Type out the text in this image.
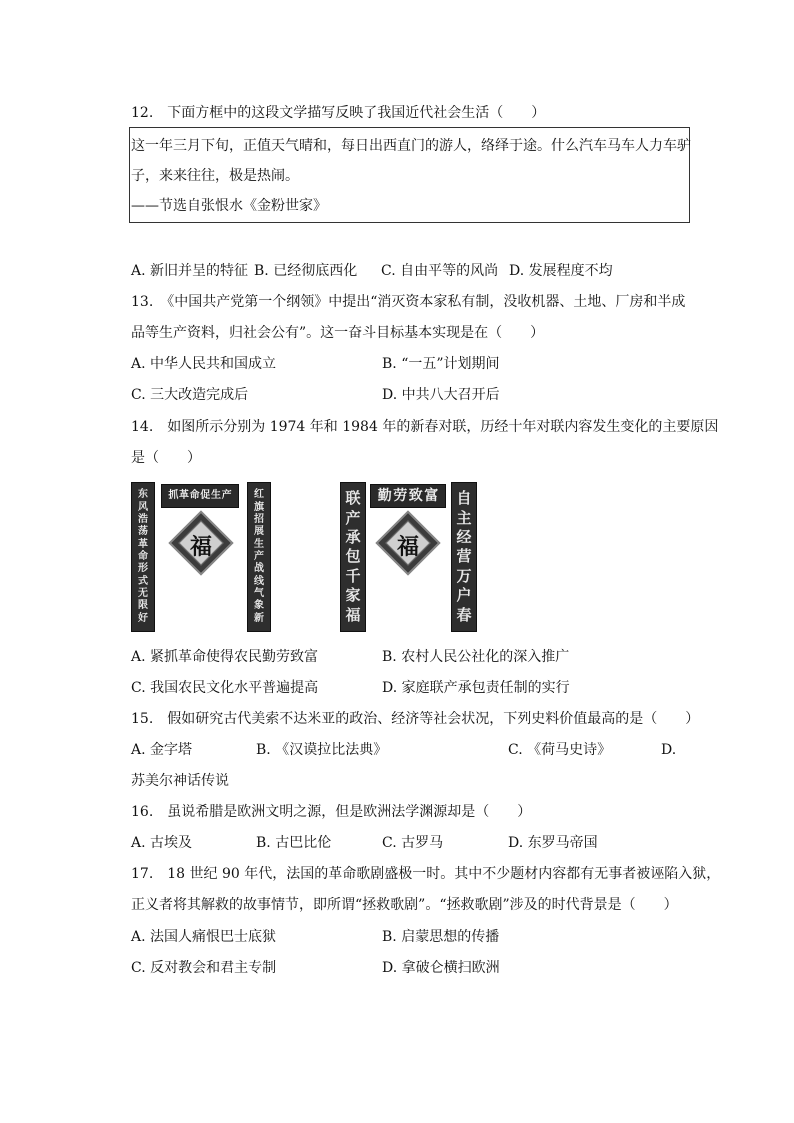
12.　下面方框中的这段文学描写反映了我国近代社会生活（　　）
这一年三月下旬，正值天气晴和，每日出西直门的游人，络绎于途。什么汽车马车人力车驴
子，来来往往，极是热闹。
——节选自张恨水《金粉世家》
A. 新旧并呈的特征 B. 已经彻底西化 C. 自由平等的风尚 D. 发展程度不均
13.　《中国共产党第一个纲领》中提出“消灭资本家私有制，没收机器、土地、厂房和半成
品等生产资料，归社会公有”。这一奋斗目标基本实现是在（　　）
A. 中华人民共和国成立	B. “一五”计划期间
C. 三大改造完成后	D. 中共八大召开后
14.　如图所示分别为 1974 年和 1984 年的新春对联，历经十年对联内容发生变化的主要原因
是（　　）
东
风
浩
荡
革
命
形
式
无
限
好
抓 革 命 促 生 产
福
红
旗
招
展
生
产
战
线
气
象
新
联
产
承
包
千
家
福
勤 劳 致 富
福
自
主
经
营
万
户
春
A. 紧抓革命使得农民勤劳致富	B. 农村人民公社化的深入推广
C. 我国农民文化水平普遍提高	D. 家庭联产承包责任制的实行
15.　假如研究古代美索不达米亚的政治、经济等社会状况，下列史料价值最高的是（　　）
A. 金字塔	B. 《汉谟拉比法典》	C. 《荷马史诗》	D.
苏美尔神话传说
16.　虽说希腊是欧洲文明之源，但是欧洲法学渊源却是（　　）
A. 古埃及	B. 古巴比伦	C. 古罗马	D. 东罗马帝国
17.　18 世纪 90 年代，法国的革命歌剧盛极一时。其中不少题材内容都有无事者被诬陷入狱，
正义者将其解救的故事情节，即所谓“拯救歌剧”。“拯救歌剧”涉及的时代背景是（　　）
A. 法国人痛恨巴士底狱	B. 启蒙思想的传播
C. 反对教会和君主专制	D. 拿破仑横扫欧洲
